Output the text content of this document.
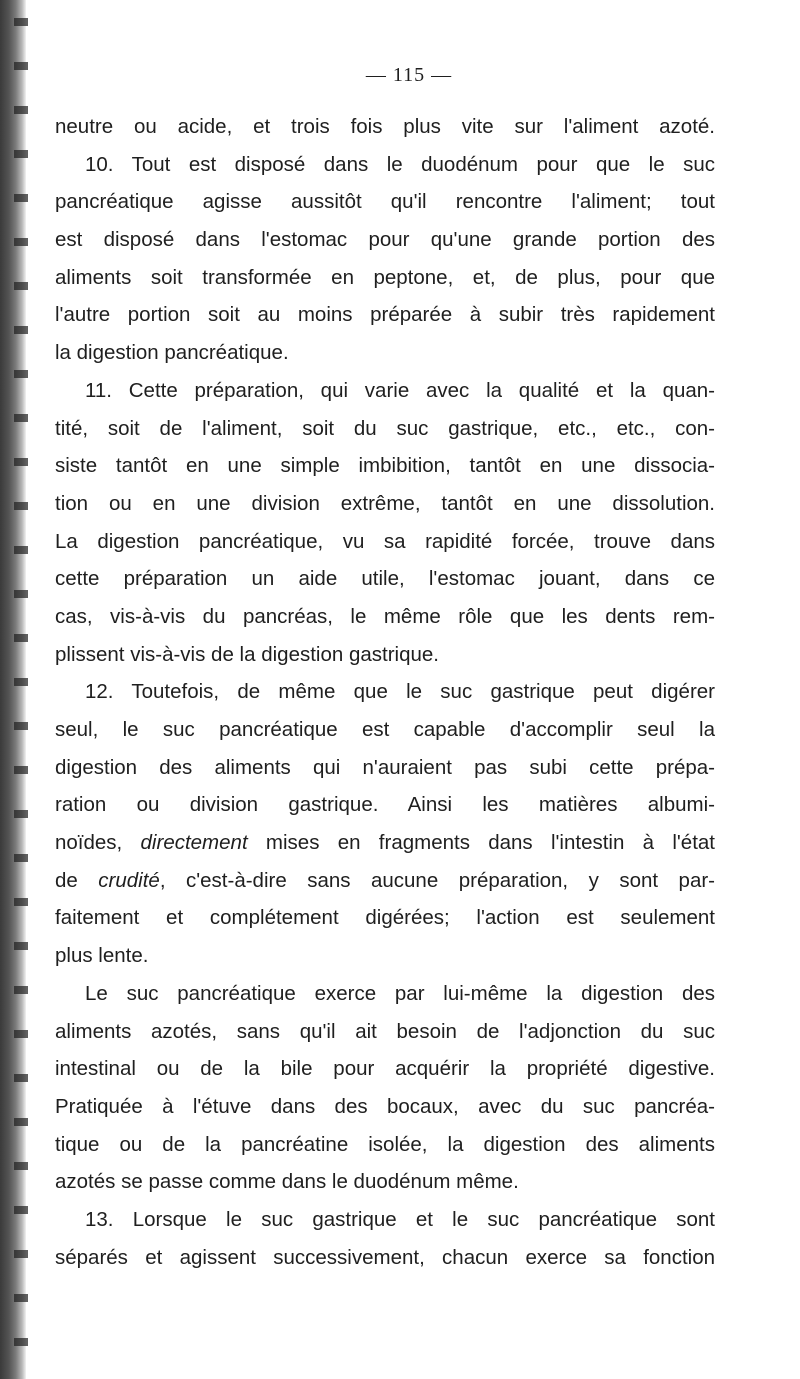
— 115 —
neutre ou acide, et trois fois plus vite sur l'aliment azoté.
10. Tout est disposé dans le duodénum pour que le suc
pancréatique agisse aussitôt qu'il rencontre l'aliment; tout
est disposé dans l'estomac pour qu'une grande portion des
aliments soit transformée en peptone, et, de plus, pour que
l'autre portion soit au moins préparée à subir très rapidement
la digestion pancréatique.
11. Cette préparation, qui varie avec la qualité et la quan-
tité, soit de l'aliment, soit du suc gastrique, etc., etc., con-
siste tantôt en une simple imbibition, tantôt en une dissocia-
tion ou en une division extrême, tantôt en une dissolution.
La digestion pancréatique, vu sa rapidité forcée, trouve dans
cette préparation un aide utile, l'estomac jouant, dans ce
cas, vis-à-vis du pancréas, le même rôle que les dents rem-
plissent vis-à-vis de la digestion gastrique.
12. Toutefois, de même que le suc gastrique peut digérer
seul, le suc pancréatique est capable d'accomplir seul la
digestion des aliments qui n'auraient pas subi cette prépa-
ration ou division gastrique. Ainsi les matières albumi-
noïdes, directement mises en fragments dans l'intestin à l'état
de crudité, c'est-à-dire sans aucune préparation, y sont par-
faitement et complétement digérées; l'action est seulement
plus lente.
Le suc pancréatique exerce par lui-même la digestion des
aliments azotés, sans qu'il ait besoin de l'adjonction du suc
intestinal ou de la bile pour acquérir la propriété digestive.
Pratiquée à l'étuve dans des bocaux, avec du suc pancréa-
tique ou de la pancréatine isolée, la digestion des aliments
azotés se passe comme dans le duodénum même.
13. Lorsque le suc gastrique et le suc pancréatique sont
séparés et agissent successivement, chacun exerce sa fonction
